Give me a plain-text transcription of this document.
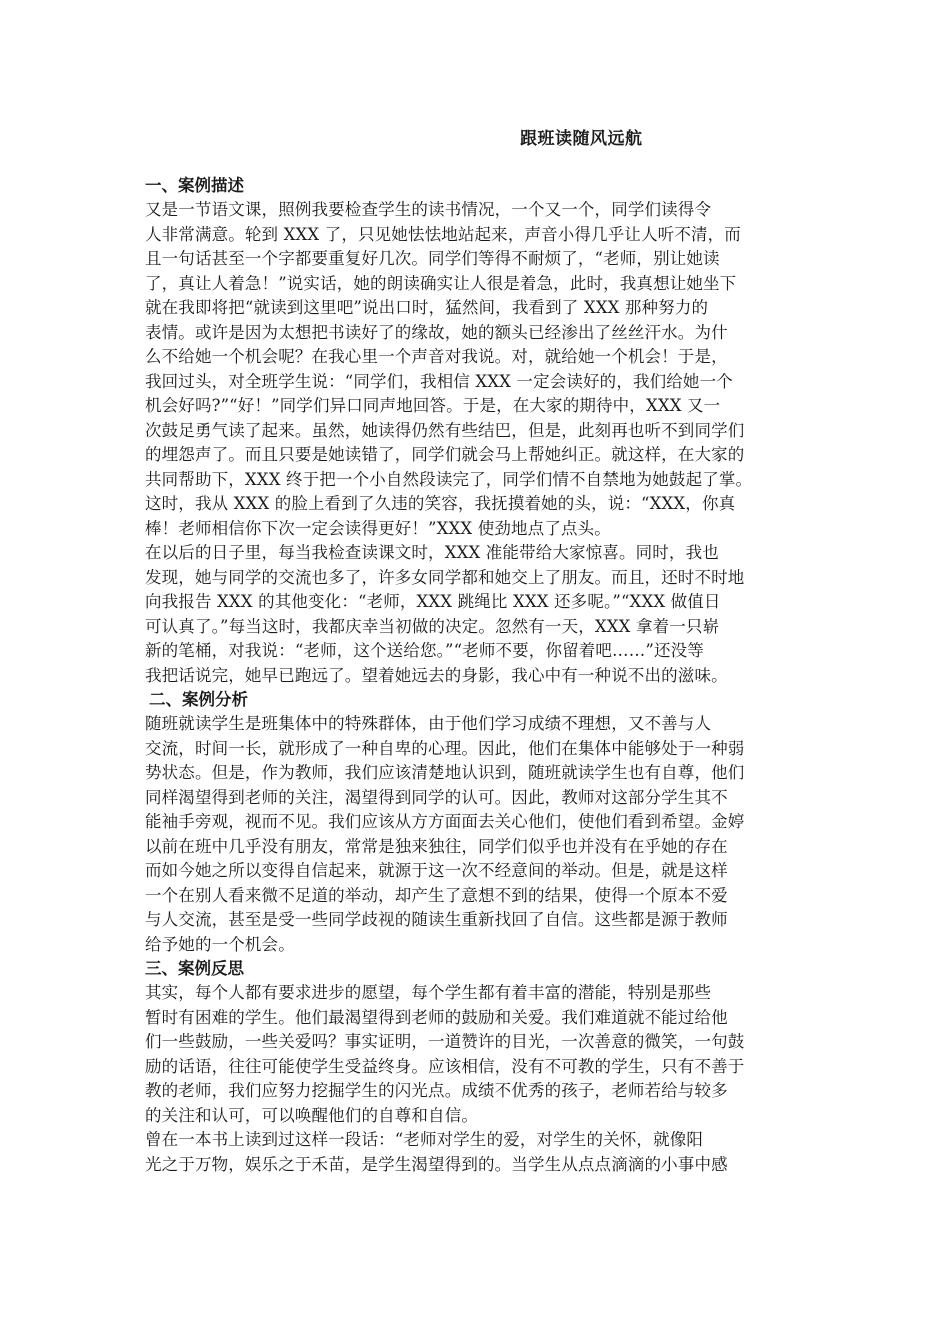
跟班读随风远航
一、案例描述
又是一节语文课，照例我要检查学生的读书情况，一个又一个，同学们读得令
人非常满意。轮到 XXX 了，只见她怯怯地站起来，声音小得几乎让人听不清，而
且一句话甚至一个字都要重复好几次。同学们等得不耐烦了，“老师，别让她读
了，真让人着急！”说实话，她的朗读确实让人很是着急，此时，我真想让她坐下
就在我即将把“就读到这里吧”说出口时，猛然间，我看到了 XXX 那种努力的
表情。或许是因为太想把书读好了的缘故，她的额头已经渗出了丝丝汗水。为什
么不给她一个机会呢？在我心里一个声音对我说。对，就给她一个机会！于是，
我回过头，对全班学生说：“同学们，我相信 XXX 一定会读好的，我们给她一个
机会好吗?”“好！”同学们异口同声地回答。于是，在大家的期待中，XXX 又一
次鼓足勇气读了起来。虽然，她读得仍然有些结巴，但是，此刻再也听不到同学们
的埋怨声了。而且只要是她读错了，同学们就会马上帮她纠正。就这样，在大家的
共同帮助下，XXX 终于把一个小自然段读完了，同学们情不自禁地为她鼓起了掌。
这时，我从 XXX 的脸上看到了久违的笑容，我抚摸着她的头，说：“XXX，你真
棒！老师相信你下次一定会读得更好！”XXX 使劲地点了点头。
在以后的日子里，每当我检查读课文时，XXX 准能带给大家惊喜。同时，我也
发现，她与同学的交流也多了，许多女同学都和她交上了朋友。而且，还时不时地
向我报告 XXX 的其他变化：“老师，XXX 跳绳比 XXX 还多呢。”“XXX 做值日
可认真了。”每当这时，我都庆幸当初做的决定。忽然有一天，XXX 拿着一只崭
新的笔桶，对我说：“老师，这个送给您。”“老师不要，你留着吧……”还没等
我把话说完，她早已跑远了。望着她远去的身影，我心中有一种说不出的滋味。
二、案例分析
随班就读学生是班集体中的特殊群体，由于他们学习成绩不理想，又不善与人
交流，时间一长，就形成了一种自卑的心理。因此，他们在集体中能够处于一种弱
势状态。但是，作为教师，我们应该清楚地认识到，随班就读学生也有自尊，他们
同样渴望得到老师的关注，渴望得到同学的认可。因此，教师对这部分学生其不
能袖手旁观，视而不见。我们应该从方方面面去关心他们，使他们看到希望。金婷
以前在班中几乎没有朋友，常常是独来独往，同学们似乎也并没有在乎她的存在
而如今她之所以变得自信起来，就源于这一次不经意间的举动。但是，就是这样
一个在别人看来微不足道的举动，却产生了意想不到的结果，使得一个原本不爱
与人交流，甚至是受一些同学歧视的随读生重新找回了自信。这些都是源于教师
给予她的一个机会。
三、案例反思
其实，每个人都有要求进步的愿望，每个学生都有着丰富的潜能，特别是那些
暂时有困难的学生。他们最渴望得到老师的鼓励和关爱。我们难道就不能过给他
们一些鼓励，一些关爱吗？事实证明，一道赞许的目光，一次善意的微笑，一句鼓
励的话语，往往可能使学生受益终身。应该相信，没有不可教的学生，只有不善于
教的老师，我们应努力挖掘学生的闪光点。成绩不优秀的孩子，老师若给与较多
的关注和认可，可以唤醒他们的自尊和自信。
曾在一本书上读到过这样一段话：“老师对学生的爱，对学生的关怀，就像阳
光之于万物，娱乐之于禾苗，是学生渴望得到的。当学生从点点滴滴的小事中感
